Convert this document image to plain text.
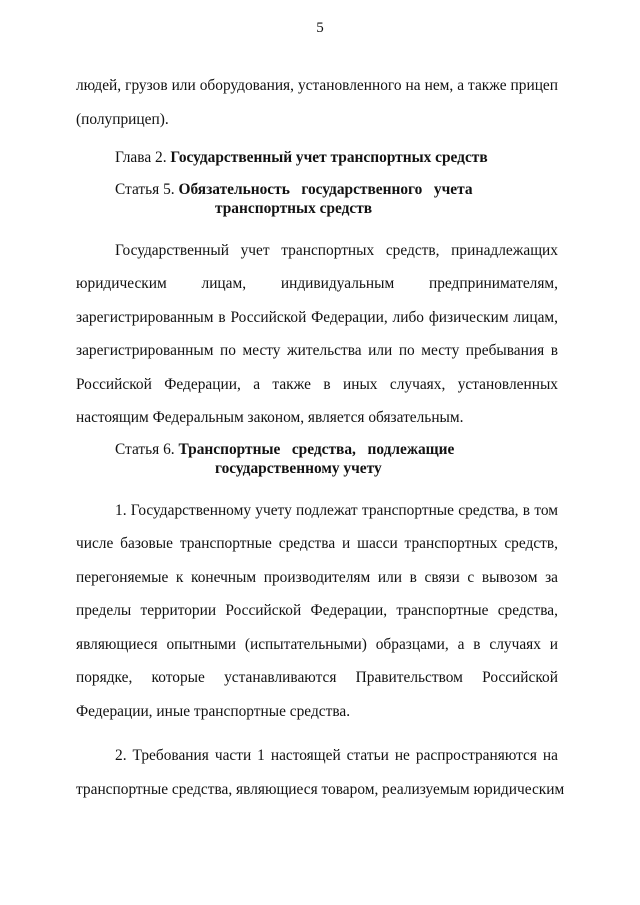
5
людей, грузов или оборудования, установленного на нем, а также прицеп
(полуприцеп).
Глава 2. Государственный учет транспортных средств
Статья 5. Обязательность   государственного   учета
транспортных средств
Государственный учет транспортных средств, принадлежащих
юридическим лицам, индивидуальным предпринимателям,
зарегистрированным в Российской Федерации, либо физическим лицам,
зарегистрированным по месту жительства или по месту пребывания в
Российской Федерации, а также в иных случаях, установленных
настоящим Федеральным законом, является обязательным.
Статья 6. Транспортные   средства,   подлежащие
государственному учету
1. Государственному учету подлежат транспортные средства, в том
числе базовые транспортные средства и шасси транспортных средств,
перегоняемые к конечным производителям или в связи с вывозом за
пределы территории Российской Федерации, транспортные средства,
являющиеся опытными (испытательными) образцами, а в случаях и
порядке, которые устанавливаются Правительством Российской
Федерации, иные транспортные средства.
2. Требования части 1 настоящей статьи не распространяются на
транспортные средства, являющиеся товаром, реализуемым юридическим
